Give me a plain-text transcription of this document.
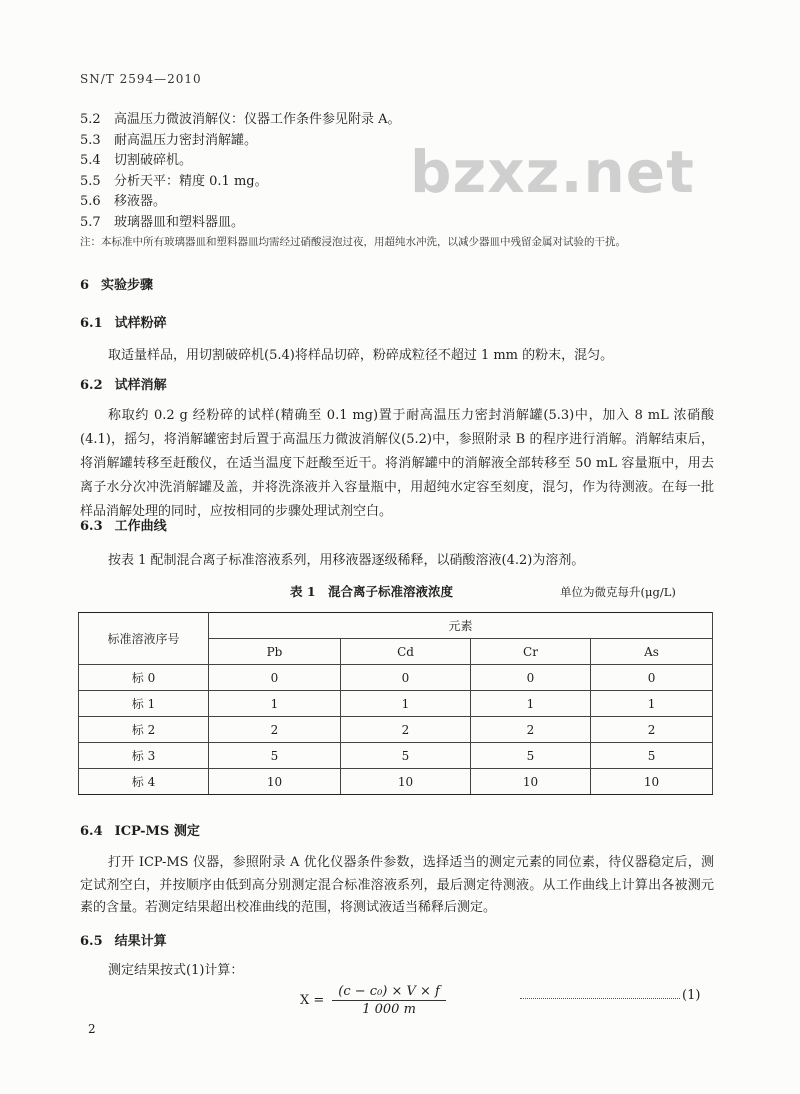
SN/T 2594—2010
bzxz.net
5.2 高温压力微波消解仪：仪器工作条件参见附录 A。
5.3 耐高温压力密封消解罐。
5.4 切割破碎机。
5.5 分析天平：精度 0.1 mg。
5.6 移液器。
5.7 玻璃器皿和塑料器皿。
注：本标准中所有玻璃器皿和塑料器皿均需经过硝酸浸泡过夜，用超纯水冲洗，以减少器皿中残留金属对试验的干扰。
6 实验步骤
6.1 试样粉碎

取适量样品，用切割破碎机(5.4)将样品切碎，粉碎成粒径不超过 1 mm 的粉末，混匀。

6.2 试样消解

称取约 0.2 g 经粉碎的试样(精确至 0.1 mg)置于耐高温压力密封消解罐(5.3)中，加入 8 mL 浓硝酸(4.1)，摇匀，将消解罐密封后置于高温压力微波消解仪(5.2)中，参照附录 B 的程序进行消解。消解结束后，将消解罐转移至赶酸仪，在适当温度下赶酸至近干。将消解罐中的消解液全部转移至 50 mL 容量瓶中，用去离子水分次冲洗消解罐及盖，并将洗涤液并入容量瓶中，用超纯水定容至刻度，混匀，作为待测液。在每一批样品消解处理的同时，应按相同的步骤处理试剂空白。

6.3 工作曲线

按表 1 配制混合离子标准溶液系列，用移液器逐级稀释，以硝酸溶液(4.2)为溶剂。

表 1　混合离子标准溶液浓度	单位为微克每升(μg/L)
标准溶液序号	元素			
	Pb	Cd	Cr	As
标 0	0	0	0	0
标 1	1	1	1	1
标 2	2	2	2	2
标 3	5	5	5	5
标 4	10	10	10	10
6.4 ICP-MS 测定

打开 ICP-MS 仪器，参照附录 A 优化仪器条件参数，选择适当的测定元素的同位素，待仪器稳定后，测定试剂空白，并按顺序由低到高分别测定混合标准溶液系列，最后测定待测液。从工作曲线上计算出各被测元素的含量。若测定结果超出校准曲线的范围，将测试液适当稀释后测定。

6.5 结果计算

测定结果按式(1)计算：

$X = \frac{\text{(c − c₀) × V × f}}{1 000 m}$	(1)
2
